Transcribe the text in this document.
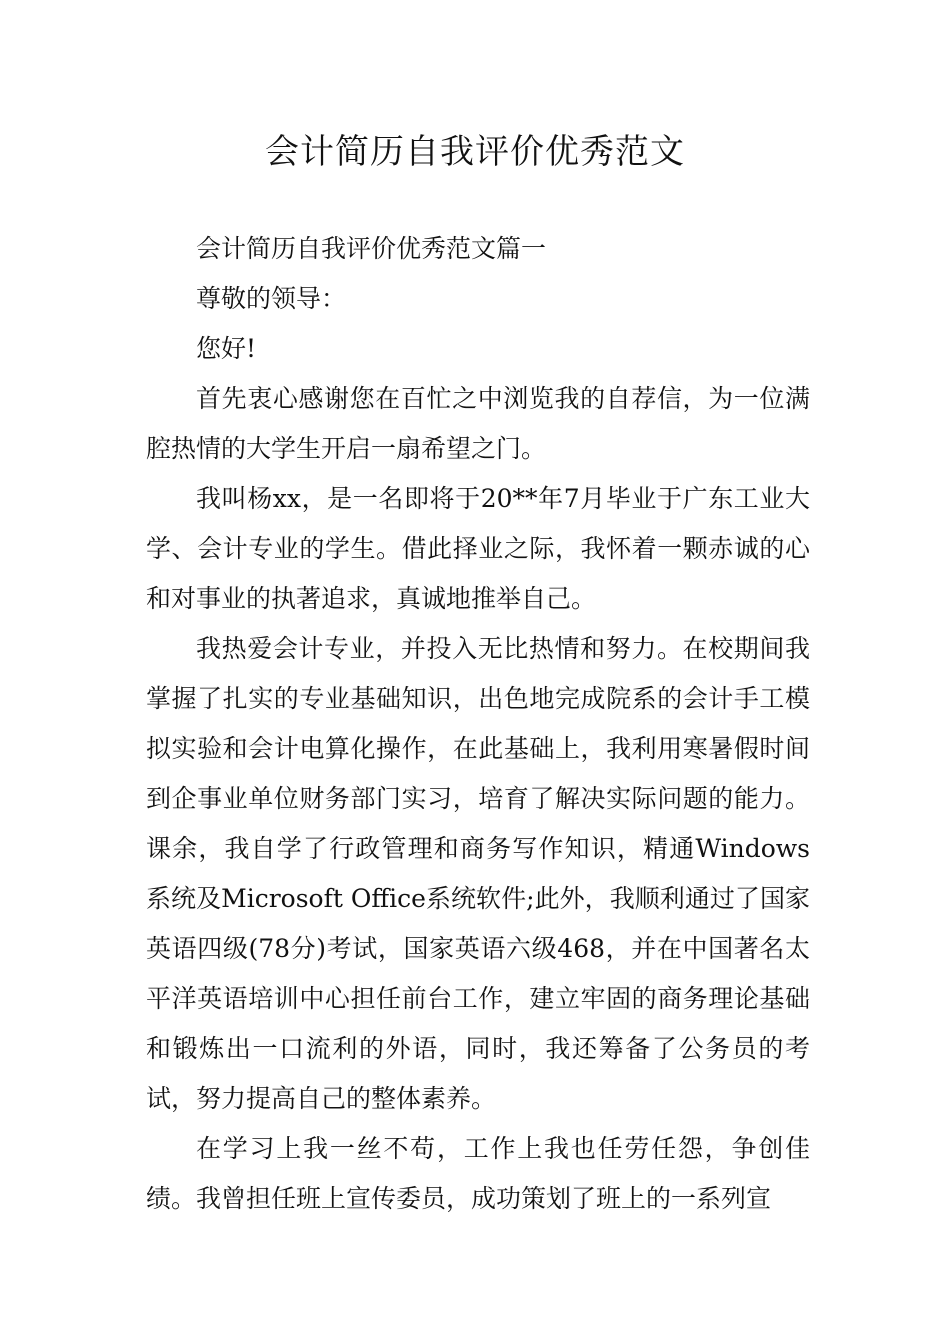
会计简历自我评价优秀范文

会计简历自我评价优秀范文篇一

尊敬的领导：

您好!

首先衷心感谢您在百忙之中浏览我的自荐信，为一位满腔热情的大学生开启一扇希望之门。

我叫杨xx，是一名即将于20**年7月毕业于广东工业大学、会计专业的学生。借此择业之际，我怀着一颗赤诚的心和对事业的执著追求，真诚地推举自己。

我热爱会计专业，并投入无比热情和努力。在校期间我掌握了扎实的专业基础知识，出色地完成院系的会计手工模拟实验和会计电算化操作，在此基础上，我利用寒暑假时间到企事业单位财务部门实习，培育了解决实际问题的能力。课余，我自学了行政管理和商务写作知识，精通Windows系统及Microsoft Office系统软件;此外，我顺利通过了国家英语四级(78分)考试，国家英语六级468，并在中国著名太平洋英语培训中心担任前台工作，建立牢固的商务理论基础和锻炼出一口流利的外语，同时，我还筹备了公务员的考试，努力提高自己的整体素养。

在学习上我一丝不苟，工作上我也任劳任怨，争创佳绩。我曾担任班上宣传委员，成功策划了班上的一系列宣
